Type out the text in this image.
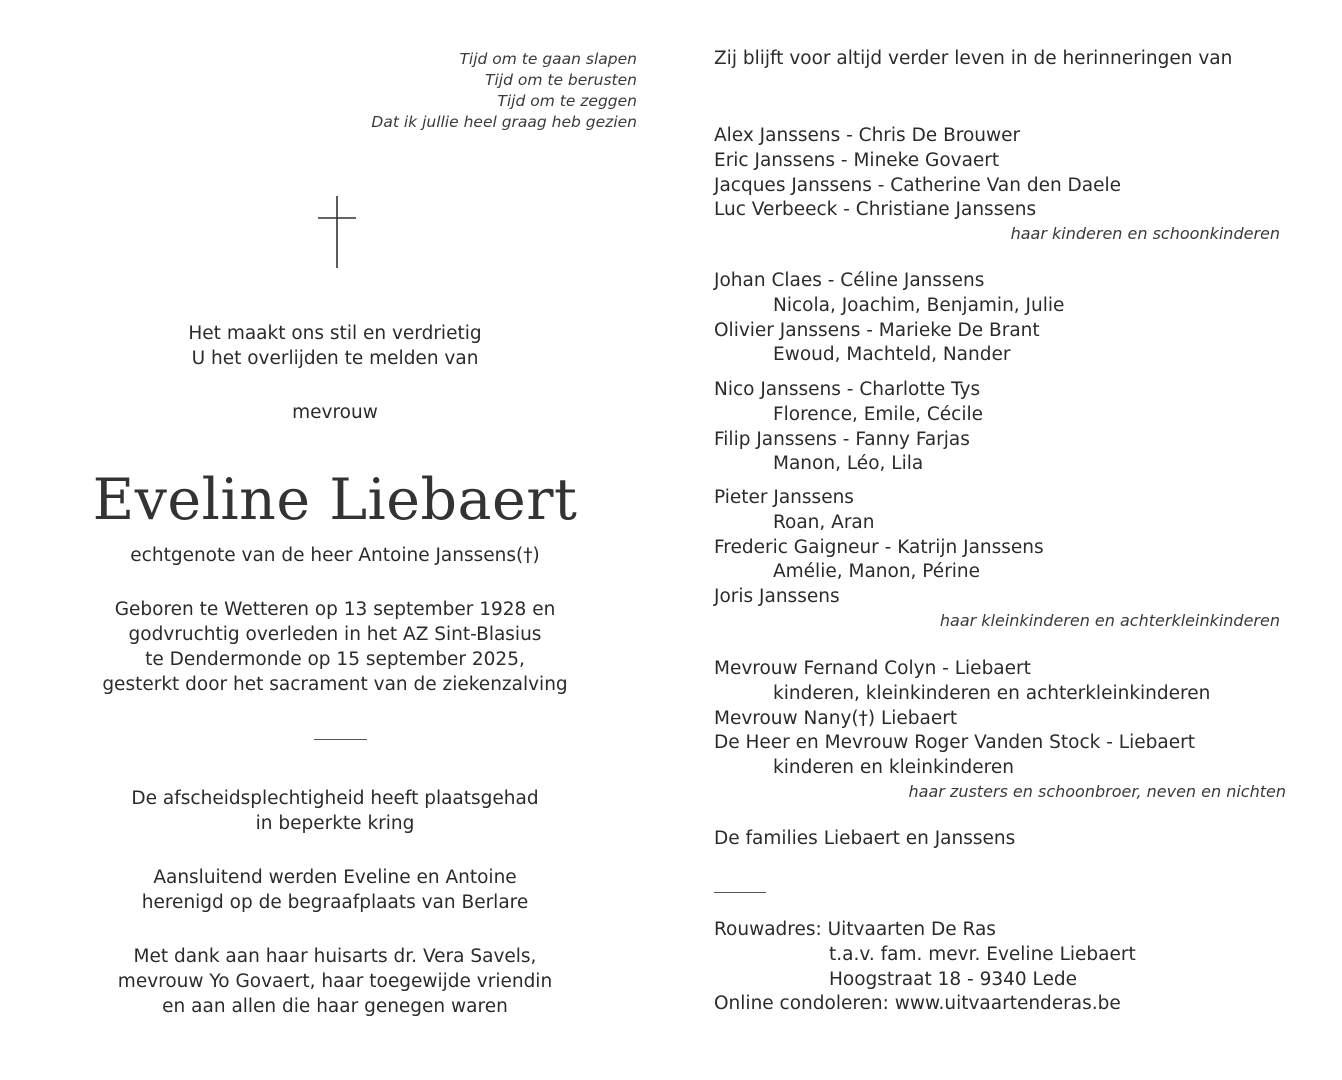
Tijd om te gaan slapen
Tijd om te berusten
Tijd om te zeggen
Dat ik jullie heel graag heb gezien
Het maakt ons stil en verdrietig
U het overlijden te melden van
mevrouw
Eveline Liebaert
echtgenote van de heer Antoine Janssens(†)
Geboren te Wetteren op 13 september 1928 en
godvruchtig overleden in het AZ Sint-Blasius
te Dendermonde op 15 september 2025,
gesterkt door het sacrament van de ziekenzalving
De afscheidsplechtigheid heeft plaatsgehad
in beperkte kring
Aansluitend werden Eveline en Antoine
herenigd op de begraafplaats van Berlare
Met dank aan haar huisarts dr. Vera Savels,
mevrouw Yo Govaert, haar toegewijde vriendin
en aan allen die haar genegen waren
Zij blijft voor altijd verder leven in de herinneringen van
Alex Janssens - Chris De Brouwer
Eric Janssens - Mineke Govaert
Jacques Janssens - Catherine Van den Daele
Luc Verbeeck - Christiane Janssens
haar kinderen en schoonkinderen
Johan Claes - Céline Janssens
Nicola, Joachim, Benjamin, Julie
Olivier Janssens - Marieke De Brant
Ewoud, Machteld, Nander
Nico Janssens - Charlotte Tys
Florence, Emile, Cécile
Filip Janssens - Fanny Farjas
Manon, Léo, Lila
Pieter Janssens
Roan, Aran
Frederic Gaigneur - Katrijn Janssens
Amélie, Manon, Périne
Joris Janssens
haar kleinkinderen en achterkleinkinderen
Mevrouw Fernand Colyn - Liebaert
kinderen, kleinkinderen en achterkleinkinderen
Mevrouw Nany(†) Liebaert
De Heer en Mevrouw Roger Vanden Stock - Liebaert
kinderen en kleinkinderen
haar zusters en schoonbroer, neven en nichten
De families Liebaert en Janssens
Rouwadres: Uitvaarten De Ras
t.a.v. fam. mevr. Eveline Liebaert
Hoogstraat 18 - 9340 Lede
Online condoleren: www.uitvaartenderas.be
